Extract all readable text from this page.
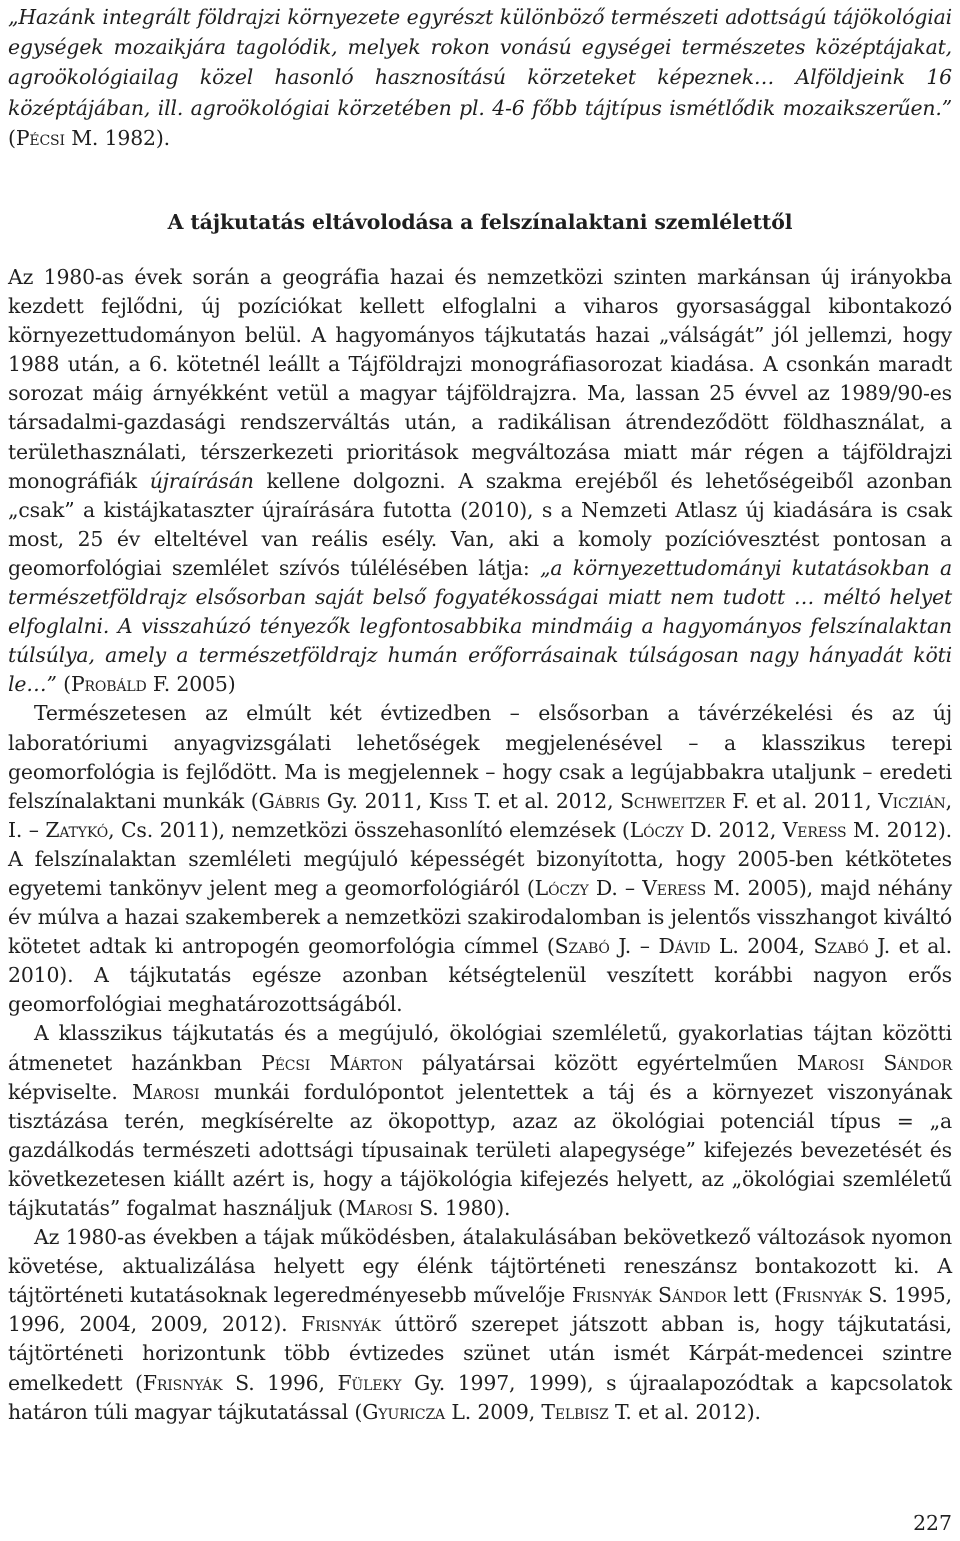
„Hazánk integrált földrajzi környezete egyrészt különböző természeti adottságú tájökológiai egységek mozaikjára tagolódik, melyek rokon vonású egységei természetes középtájakat, agroökológiailag közel hasonló hasznosítású körzeteket képeznek… Alföldjeink 16 középtájában, ill. agroökológiai körzetében pl. 4-6 főbb tájtípus ismétlődik mozaikszerűen.” (Pécsi M. 1982).
A tájkutatás eltávolodása a felszínalaktani szemlélettől

Az 1980-as évek során a geográfia hazai és nemzetközi szinten markánsan új irányokba kezdett fejlődni, új pozíciókat kellett elfoglalni a viharos gyorsasággal kibontakozó környezettudományon belül. A hagyományos tájkutatás hazai „válságát” jól jellemzi, hogy 1988 után, a 6. kötetnél leállt a Tájföldrajzi monográfiasorozat kiadása. A csonkán maradt sorozat máig árnyékként vetül a magyar tájföldrajzra. Ma, lassan 25 évvel az 1989/90-es társadalmi-gazdasági rendszerváltás után, a radikálisan átrendeződött földhasználat, a területhasználati, térszerkezeti prioritások megváltozása miatt már régen a tájföldrajzi monográfiák újraírásán kellene dolgozni. A szakma erejéből és lehetőségeiből azonban „csak” a kistájkataszter újraírására futotta (2010), s a Nemzeti Atlasz új kiadására is csak most, 25 év elteltével van reális esély. Van, aki a komoly pozícióvesztést pontosan a geomorfológiai szemlélet szívós túlélésében látja: „a környezettudományi kutatásokban a természetföldrajz elsősorban saját belső fogyatékosságai miatt nem tudott … méltó helyet elfoglalni. A visszahúzó tényezők legfontosabbika mindmáig a hagyományos felszínalaktan túlsúlya, amely a természetföldrajz humán erőforrásainak túlságosan nagy hányadát köti le…” (Probáld F. 2005)

Természetesen az elmúlt két évtizedben – elsősorban a távérzékelési és az új laboratóriumi anyagvizsgálati lehetőségek megjelenésével – a klasszikus terepi geomorfológia is fejlődött. Ma is megjelennek – hogy csak a legújabbakra utaljunk – eredeti felszínalaktani munkák (Gábris Gy. 2011, Kiss T. et al. 2012, Schweitzer F. et al. 2011, Viczián, I. – Zatykó, Cs. 2011), nemzetközi összehasonlító elemzések (Lóczy D. 2012, Veress M. 2012). A felszínalaktan szemléleti megújuló képességét bizonyította, hogy 2005-ben kétkötetes egyetemi tankönyv jelent meg a geomorfológiáról (Lóczy D. – Veress M. 2005), majd néhány év múlva a hazai szakemberek a nemzetközi szakirodalomban is jelentős visszhangot kiváltó kötetet adtak ki antropogén geomorfológia címmel (Szabó J. – Dávid L. 2004, Szabó J. et al. 2010). A tájkutatás egésze azonban kétségtelenül veszített korábbi nagyon erős geomorfológiai meghatározottságából.

A klasszikus tájkutatás és a megújuló, ökológiai szemléletű, gyakorlatias tájtan közötti átmenetet hazánkban Pécsi Márton pályatársai között egyértelműen Marosi Sándor képviselte. Marosi munkái fordulópontot jelentettek a táj és a környezet viszonyának tisztázása terén, megkísérelte az ökopottyp, azaz az ökológiai potenciál típus = „a gazdálkodás természeti adottsági típusainak területi alapegysége” kifejezés bevezetését és következetesen kiállt azért is, hogy a tájökológia kifejezés helyett, az „ökológiai szemléletű tájkutatás” fogalmat használjuk (Marosi S. 1980).

Az 1980-as években a tájak működésben, átalakulásában bekövetkező változások nyomon követése, aktualizálása helyett egy élénk tájtörténeti reneszánsz bontakozott ki. A tájtörténeti kutatásoknak legeredményesebb művelője Frisnyák Sándor lett (Frisnyák S. 1995, 1996, 2004, 2009, 2012). Frisnyák úttörő szerepet játszott abban is, hogy tájkutatási, tájtörténeti horizontunk több évtizedes szünet után ismét Kárpát-medencei szintre emelkedett (Frisnyák S. 1996, Füleky Gy. 1997, 1999), s újraalapozódtak a kapcsolatok határon túli magyar tájkutatással (Gyuricza L. 2009, Telbisz T. et al. 2012).

227
